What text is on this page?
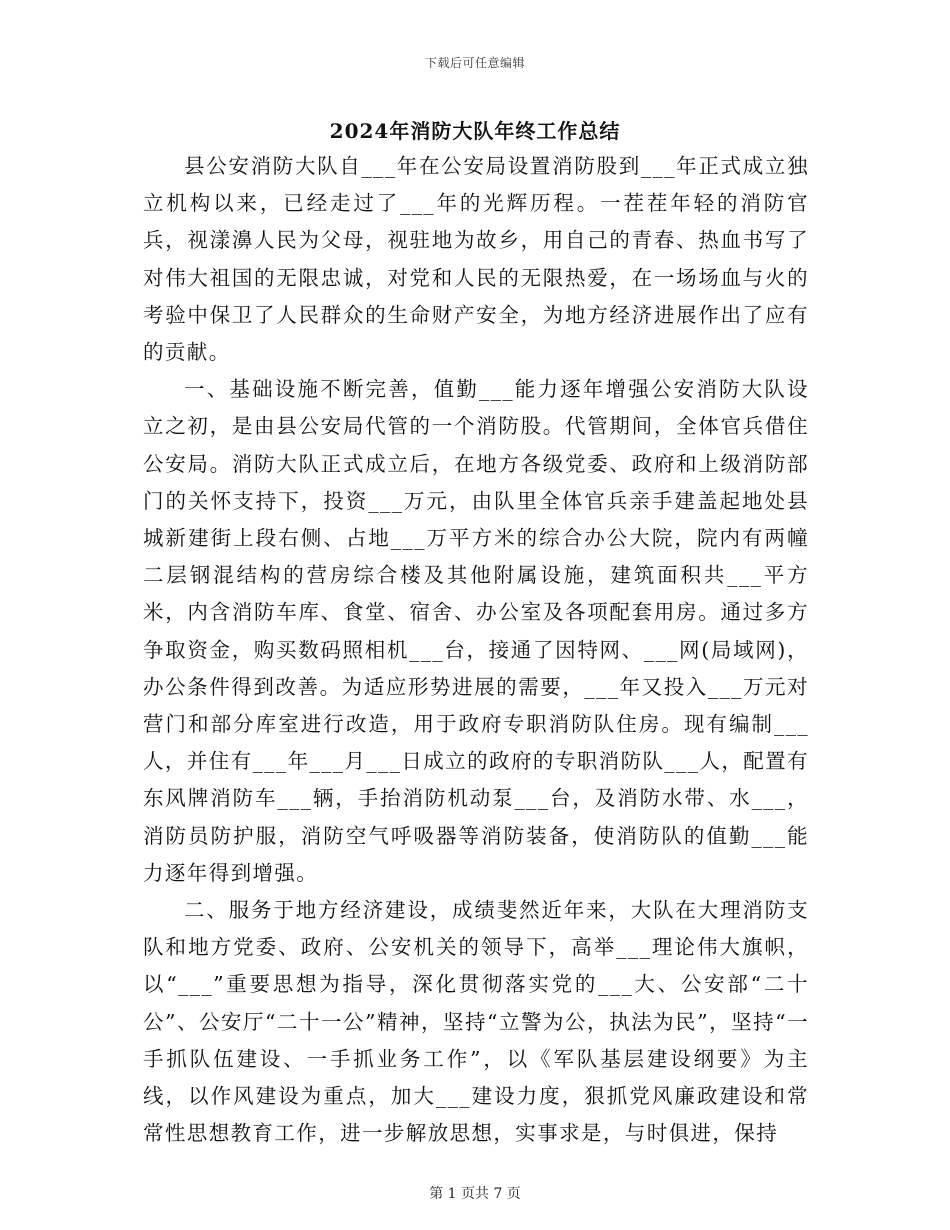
下载后可任意编辑
2024年消防大队年终工作总结

县公安消防大队自___年在公安局设置消防股到___年正式成立独立机构以来，已经走过了___年的光辉历程。一茬茬年轻的消防官兵，视漾濞人民为父母，视驻地为故乡，用自己的青春、热血书写了对伟大祖国的无限忠诚，对党和人民的无限热爱，在一场场血与火的考验中保卫了人民群众的生命财产安全，为地方经济进展作出了应有的贡献。

一、基础设施不断完善，值勤___能力逐年增强公安消防大队设立之初，是由县公安局代管的一个消防股。代管期间，全体官兵借住公安局。消防大队正式成立后，在地方各级党委、政府和上级消防部门的关怀支持下，投资___万元，由队里全体官兵亲手建盖起地处县城新建街上段右侧、占地___万平方米的综合办公大院，院内有两幢二层钢混结构的营房综合楼及其他附属设施，建筑面积共___平方米，内含消防车库、食堂、宿舍、办公室及各项配套用房。通过多方争取资金，购买数码照相机___台，接通了因特网、___网(局域网)，办公条件得到改善。为适应形势进展的需要，___年又投入___万元对营门和部分库室进行改造，用于政府专职消防队住房。现有编制___人，并住有___年___月___日成立的政府的专职消防队___人，配置有东风牌消防车___辆，手抬消防机动泵___台，及消防水带、水___，消防员防护服，消防空气呼吸器等消防装备，使消防队的值勤___能力逐年得到增强。

二、服务于地方经济建设，成绩斐然近年来，大队在大理消防支队和地方党委、政府、公安机关的领导下，高举___理论伟大旗帜，以“___”重要思想为指导，深化贯彻落实党的___大、公安部“二十公”、公安厅“二十一公”精神，坚持“立警为公，执法为民”，坚持“一手抓队伍建设、一手抓业务工作”，以《军队基层建设纲要》为主线，以作风建设为重点，加大___建设力度，狠抓党风廉政建设和常常性思想教育工作，进一步解放思想，实事求是，与时俱进，保持

第 1 页共 7 页
